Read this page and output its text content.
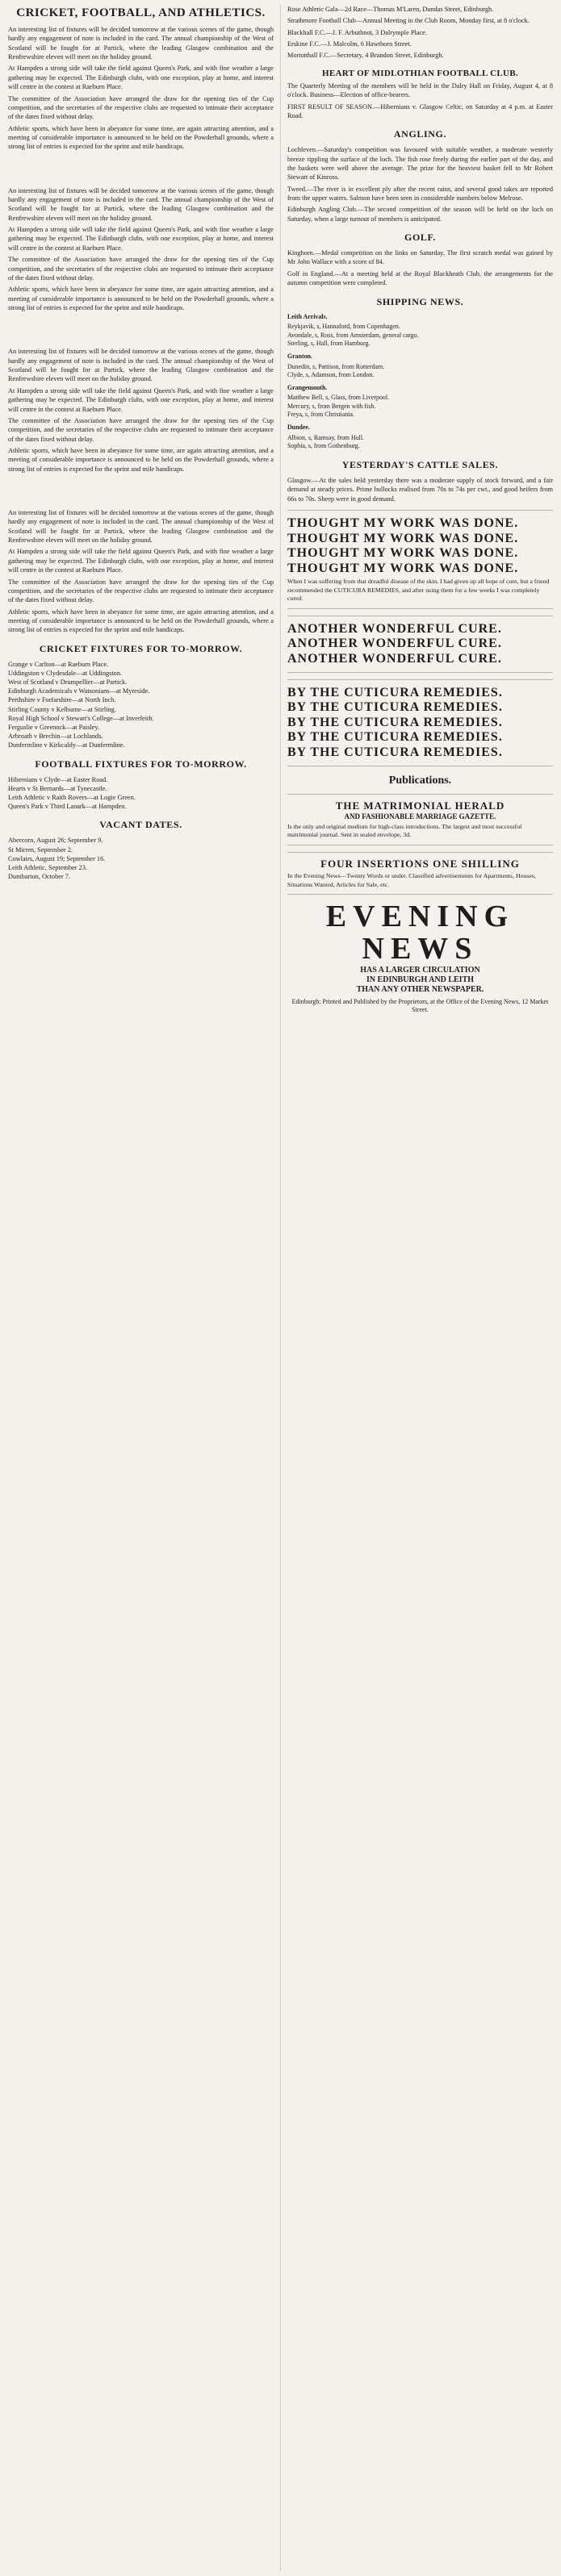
CRICKET, FOOTBALL, AND ATHLETICS.

An interesting list of fixtures will be decided tomorrow at the various scenes of the game, though hardly any engagement of note is included in the card. The annual championship of the West of Scotland will be fought for at Partick, where the leading Glasgow combination and the Renfrewshire eleven will meet on the holiday ground.

At Hampden a strong side will take the field against Queen's Park, and with fine weather a large gathering may be expected. The Edinburgh clubs, with one exception, play at home, and interest will centre in the contest at Raeburn Place.

The committee of the Association have arranged the draw for the opening ties of the Cup competition, and the secretaries of the respective clubs are requested to intimate their acceptance of the dates fixed without delay.

Athletic sports, which have been in abeyance for some time, are again attracting attention, and a meeting of considerable importance is announced to be held on the Powderhall grounds, where a strong list of entries is expected for the sprint and mile handicaps.

An interesting list of fixtures will be decided tomorrow at the various scenes of the game, though hardly any engagement of note is included in the card. The annual championship of the West of Scotland will be fought for at Partick, where the leading Glasgow combination and the Renfrewshire eleven will meet on the holiday ground.

At Hampden a strong side will take the field against Queen's Park, and with fine weather a large gathering may be expected. The Edinburgh clubs, with one exception, play at home, and interest will centre in the contest at Raeburn Place.

The committee of the Association have arranged the draw for the opening ties of the Cup competition, and the secretaries of the respective clubs are requested to intimate their acceptance of the dates fixed without delay.

Athletic sports, which have been in abeyance for some time, are again attracting attention, and a meeting of considerable importance is announced to be held on the Powderhall grounds, where a strong list of entries is expected for the sprint and mile handicaps.

An interesting list of fixtures will be decided tomorrow at the various scenes of the game, though hardly any engagement of note is included in the card. The annual championship of the West of Scotland will be fought for at Partick, where the leading Glasgow combination and the Renfrewshire eleven will meet on the holiday ground.

At Hampden a strong side will take the field against Queen's Park, and with fine weather a large gathering may be expected. The Edinburgh clubs, with one exception, play at home, and interest will centre in the contest at Raeburn Place.

The committee of the Association have arranged the draw for the opening ties of the Cup competition, and the secretaries of the respective clubs are requested to intimate their acceptance of the dates fixed without delay.

Athletic sports, which have been in abeyance for some time, are again attracting attention, and a meeting of considerable importance is announced to be held on the Powderhall grounds, where a strong list of entries is expected for the sprint and mile handicaps.

An interesting list of fixtures will be decided tomorrow at the various scenes of the game, though hardly any engagement of note is included in the card. The annual championship of the West of Scotland will be fought for at Partick, where the leading Glasgow combination and the Renfrewshire eleven will meet on the holiday ground.

At Hampden a strong side will take the field against Queen's Park, and with fine weather a large gathering may be expected. The Edinburgh clubs, with one exception, play at home, and interest will centre in the contest at Raeburn Place.

The committee of the Association have arranged the draw for the opening ties of the Cup competition, and the secretaries of the respective clubs are requested to intimate their acceptance of the dates fixed without delay.

Athletic sports, which have been in abeyance for some time, are again attracting attention, and a meeting of considerable importance is announced to be held on the Powderhall grounds, where a strong list of entries is expected for the sprint and mile handicaps.

CRICKET FIXTURES FOR TO-MORROW.
Grange v Carlton—at Raeburn Place.
Uddingston v Clydesdale—at Uddingston.
West of Scotland v Drumpellier—at Partick.
Edinburgh Academicals v Watsonians—at Myreside.
Perthshire v Forfarshire—at North Inch.
Stirling County v Kelburne—at Stirling.
Royal High School v Stewart's College—at Inverleith.
Ferguslie v Greenock—at Paisley.
Arbroath v Brechin—at Lochlands.
Dunfermline v Kirkcaldy—at Dunfermline.
FOOTBALL FIXTURES FOR TO-MORROW.
Hibernians v Clyde—at Easter Road.
Hearts v St Bernards—at Tynecastle.
Leith Athletic v Raith Rovers—at Logie Green.
Queen's Park v Third Lanark—at Hampden.
VACANT DATES.
Abercorn, August 26; September 9.
St Mirren, September 2.
Cowlairs, August 19; September 16.
Leith Athletic, September 23.
Dumbarton, October 7.

Rose Athletic Gala—2d Race—Thomas M'Laren, Dundas Street, Edinburgh.

Strathmore Football Club—Annual Meeting in the Club Room, Monday first, at 8 o'clock.

Blackhall F.C.—J. F. Arbuthnot, 3 Dalrymple Place.

Erskine F.C.—J. Malcolm, 6 Hawthorn Street.

Mortonhall F.C.—Secretary, 4 Brandon Street, Edinburgh.

HEART OF MIDLOTHIAN FOOTBALL CLUB.

The Quarterly Meeting of the members will be held in the Dalry Hall on Friday, August 4, at 8 o'clock. Business—Election of office-bearers.

FIRST RESULT OF SEASON.—Hibernians v. Glasgow Celtic, on Saturday at 4 p.m. at Easter Road.

ANGLING.

Lochleven.—Saturday's competition was favoured with suitable weather, a moderate westerly breeze rippling the surface of the loch. The fish rose freely during the earlier part of the day, and the baskets were well above the average. The prize for the heaviest basket fell to Mr Robert Stewart of Kinross.

Tweed.—The river is in excellent ply after the recent rains, and several good takes are reported from the upper waters. Salmon have been seen in considerable numbers below Melrose.

Edinburgh Angling Club.—The second competition of the season will be held on the loch on Saturday, when a large turnout of members is anticipated.

GOLF.

Kinghorn.—Medal competition on the links on Saturday. The first scratch medal was gained by Mr John Wallace with a score of 84.

Golf in England.—At a meeting held at the Royal Blackheath Club, the arrangements for the autumn competition were completed.

SHIPPING NEWS.
Leith Arrivals.
Reykjavik, s, Hannaford, from Copenhagen.
Avondale, s, Ross, from Amsterdam, general cargo.
Sterling, s, Hall, from Hamburg.
Granton.
Dunedin, s, Pattison, from Rotterdam.
Clyde, s, Adamson, from London.
Grangemouth.
Matthew Bell, s, Glass, from Liverpool.
Mercury, s, from Bergen with fish.
Freya, s, from Christiania.
Dundee.
Albion, s, Ramsay, from Hull.
Sophia, s, from Gothenburg.
YESTERDAY'S CATTLE SALES.

Glasgow.—At the sales held yesterday there was a moderate supply of stock forward, and a fair demand at steady prices. Prime bullocks realised from 70s to 74s per cwt., and good heifers from 66s to 70s. Sheep were in good demand.

THOUGHT MY WORK WAS DONE.
THOUGHT MY WORK WAS DONE.
THOUGHT MY WORK WAS DONE.
THOUGHT MY WORK WAS DONE.
When I was suffering from that dreadful disease of the skin, I had given up all hope of cure, but a friend recommended the CUTICURA REMEDIES, and after using them for a few weeks I was completely cured.
ANOTHER WONDERFUL CURE.
ANOTHER WONDERFUL CURE.
ANOTHER WONDERFUL CURE.
BY THE CUTICURA REMEDIES.
BY THE CUTICURA REMEDIES.
BY THE CUTICURA REMEDIES.
BY THE CUTICURA REMEDIES.
BY THE CUTICURA REMEDIES.
Publications.
THE MATRIMONIAL HERALD
AND FASHIONABLE MARRIAGE GAZETTE.
Is the only and original medium for high-class introductions. The largest and most successful matrimonial journal. Sent in sealed envelope, 3d.
FOUR INSERTIONS ONE SHILLING
In the Evening News—Twenty Words or under. Classified advertisements for Apartments, Houses, Situations Wanted, Articles for Sale, etc.
EVENING NEWS
HAS A LARGER CIRCULATION
IN EDINBURGH AND LEITH
THAN ANY OTHER NEWSPAPER.
Edinburgh: Printed and Published by the Proprietors, at the Office of the Evening News, 12 Market Street.
